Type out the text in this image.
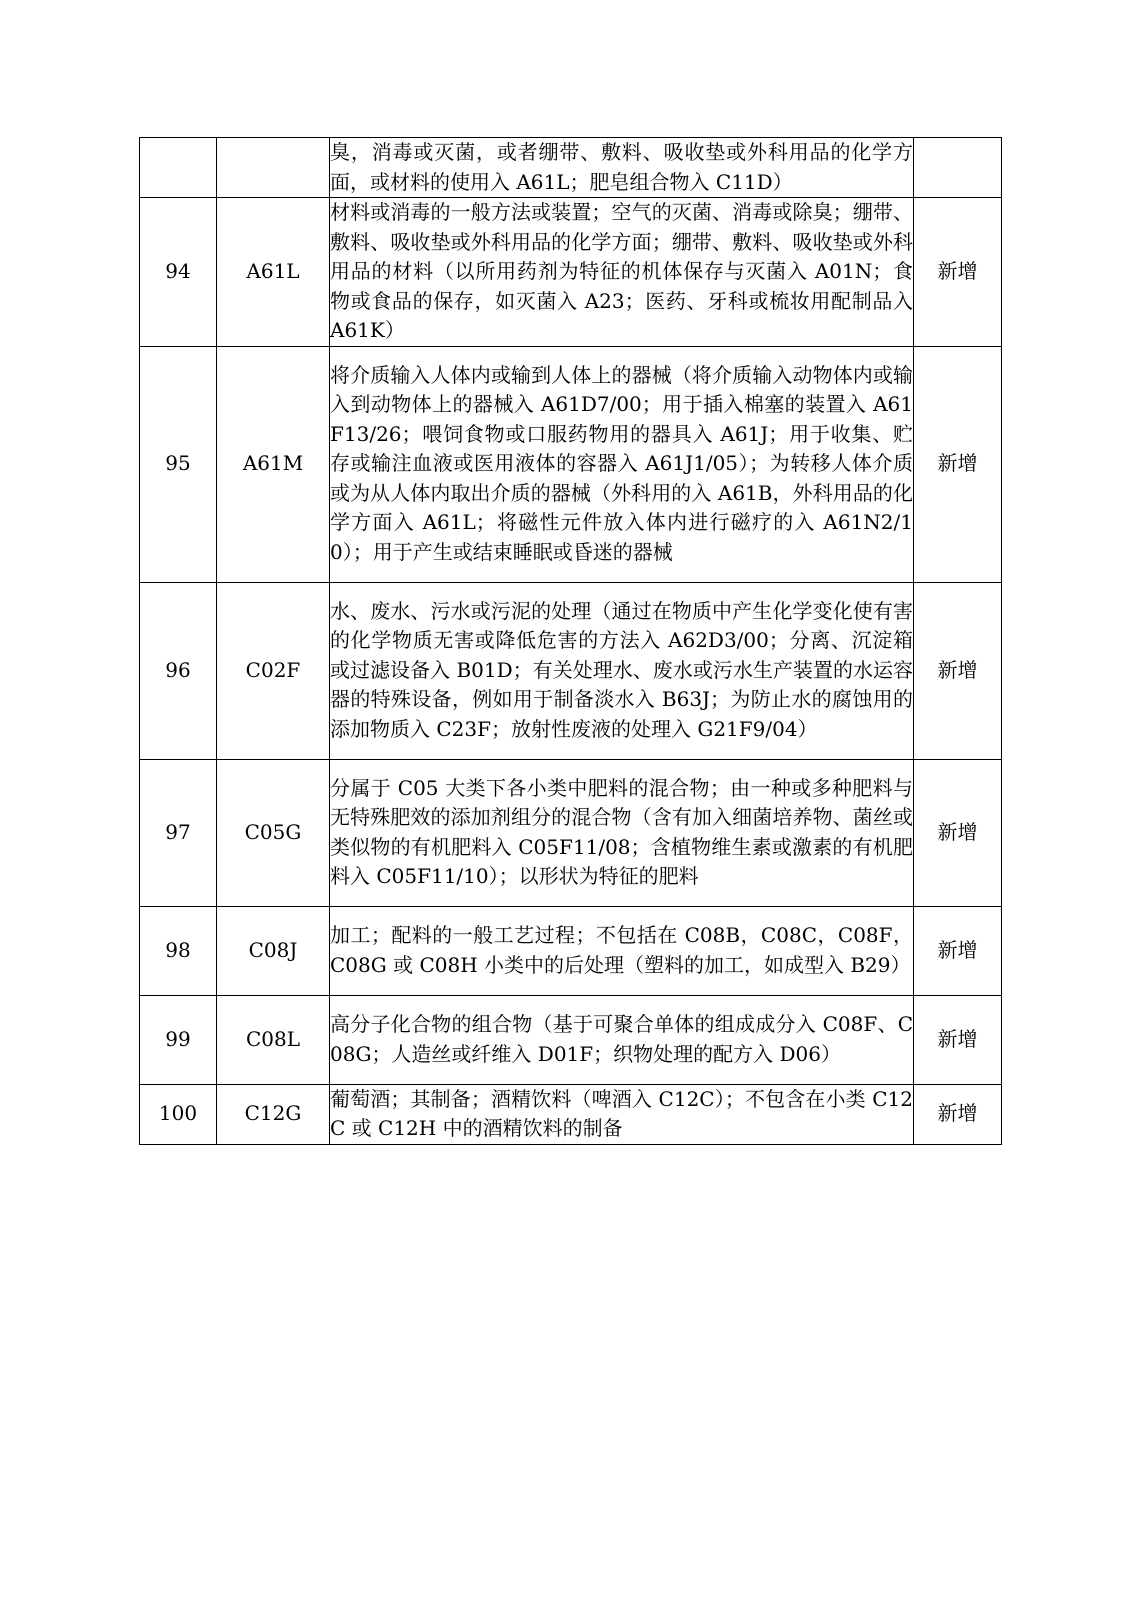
		臭，消毒或灭菌，或者绷带、敷料、吸收垫或外科用品的化学方面，或材料的使用入 A61L；肥皂组合物入 C11D）	

94	A61L	材料或消毒的一般方法或装置；空气的灭菌、消毒或除臭；绷带、敷料、吸收垫或外科用品的化学方面；绷带、敷料、吸收垫或外科用品的材料（以所用药剂为特征的机体保存与灭菌入 A01N；食物或食品的保存，如灭菌入 A23；医药、牙科或梳妆用配制品入 A61K）	新增
95	A61M	将介质输入人体内或输到人体上的器械（将介质输入动物体内或输入到动物体上的器械入 A61D7/00；用于插入棉塞的装置入 A61F13/26；喂饲食物或口服药物用的器具入 A61J；用于收集、贮存或输注血液或医用液体的容器入 A61J1/05）；为转移人体介质或为从人体内取出介质的器械（外科用的入 A61B，外科用品的化学方面入 A61L；将磁性元件放入体内进行磁疗的入 A61N2/10）；用于产生或结束睡眠或昏迷的器械	新增
96	C02F	水、废水、污水或污泥的处理（通过在物质中产生化学变化使有害的化学物质无害或降低危害的方法入 A62D3/00；分离、沉淀箱或过滤设备入 B01D；有关处理水、废水或污水生产装置的水运容器的特殊设备，例如用于制备淡水入 B63J；为防止水的腐蚀用的添加物质入 C23F；放射性废液的处理入 G21F9/04）	新增
97	C05G	分属于 C05 大类下各小类中肥料的混合物；由一种或多种肥料与无特殊肥效的添加剂组分的混合物（含有加入细菌培养物、菌丝或类似物的有机肥料入 C05F11/08；含植物维生素或激素的有机肥料入 C05F11/10）；以形状为特征的肥料	新增
98	C08J	加工；配料的一般工艺过程；不包括在 C08B，C08C，C08F，C08G 或 C08H 小类中的后处理（塑料的加工，如成型入 B29）	新增
99	C08L	高分子化合物的组合物（基于可聚合单体的组成成分入 C08F、C08G；人造丝或纤维入 D01F；织物处理的配方入 D06）	新增
100	C12G	葡萄酒；其制备；酒精饮料（啤酒入 C12C）；不包含在小类 C12C 或 C12H 中的酒精饮料的制备	新增
